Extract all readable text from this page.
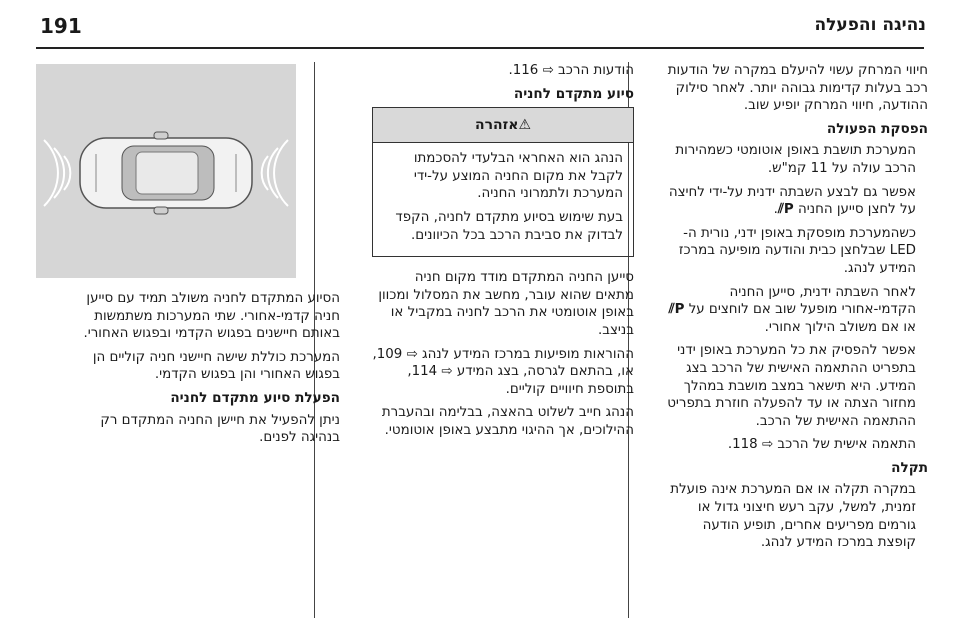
191	נהיגה והפעלה

חיווי המרחק עשוי להיעלם במקרה של הודעות רכב בעלות קדימות גבוהה יותר. לאחר סילוק ההודעה, חיווי המרחק יופיע שוב.

הפסקת הפעולה

המערכת תושבת באופן אוטומטי כשמהירות הרכב עולה על 11 קמ"ש.

אפשר גם לבצע השבתה ידנית על-ידי לחיצה על לחצן סייען החניה P⫽.

כשהמערכת מופסקת באופן ידני, נורית ה-LED שבלחצן כבית והודעה מופיעה במרכז המידע לנהג.

לאחר השבתה ידנית, סייען החניה הקדמי-אחורי מופעל שוב אם לוחצים על P⫽ או אם משולב הילוך אחורי.

אפשר להפסיק את כל המערכת באופן ידני בתפריט ההתאמה האישית של הרכב בצג המידע. היא תישאר במצב מושבת במהלך מחזור הצתה או עד להפעלה חוזרת בתפריט ההתאמה האישית של הרכב.

התאמה אישית של הרכב ⇨ 118.

תקלה

במקרה תקלה או אם המערכת אינה פועלת זמנית, למשל, עקב רעש חיצוני גדול או גורמים מפריעים אחרים, תופיע הודעה קופצת במרכז המידע לנהג.

הודעות הרכב ⇨ 116.

סיוע מתקדם לחניה
⚠אזהרה

הנהג הוא האחראי הבלעדי להסכמתו לקבל את מקום החניה המוצע על-ידי המערכת ולתמרוני החניה.

בעת שימוש בסיוע מתקדם לחניה, הקפד לבדוק את סביבת הרכב בכל הכיוונים.

סייען החניה המתקדם מודד מקום חניה מתאים שהוא עובר, מחשב את המסלול ומכוון באופן אוטומטי את הרכב לחניה במקביל או בניצב.

ההוראות מופיעות במרכז המידע לנהג ⇨ 109, או, בהתאם לגרסה, בצג המידע ⇨ 114, בתוספת חיוויים קוליים.

הנהג חייב לשלוט בהאצה, בבלימה ובהעברת ההילוכים, אך ההיגוי מתבצע באופן אוטומטי.

הסיוע המתקדם לחניה משולב תמיד עם סייען חניה קדמי-אחורי. שתי המערכות משתמשות באותם חיישנים בפגוש הקדמי ובפגוש האחורי.

המערכת כוללת שישה חיישני חניה קוליים הן בפגוש האחורי והן בפגוש הקדמי.

הפעלת סיוע מתקדם לחניה

ניתן להפעיל את חיישן החניה המתקדם רק בנהיגה לפנים.
